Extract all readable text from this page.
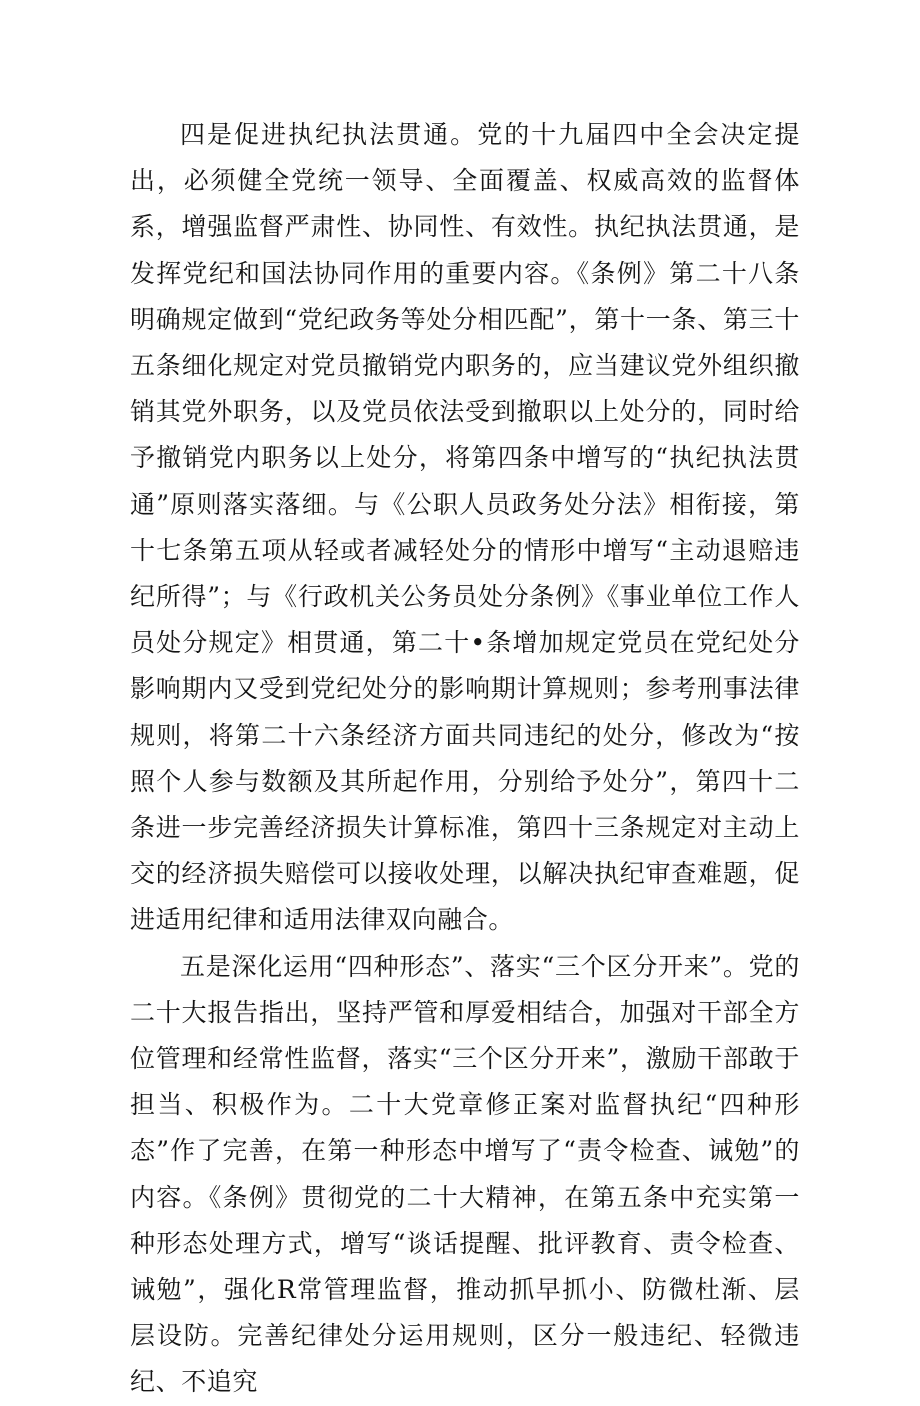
四是促进执纪执法贯通。党的十九届四中全会决定提出，必须健全党统一领导、全面覆盖、权威高效的监督体系，增强监督严肃性、协同性、有效性。执纪执法贯通，是发挥党纪和国法协同作用的重要内容。《条例》第二十八条明确规定做到“党纪政务等处分相匹配”，第十一条、第三十五条细化规定对党员撤销党内职务的，应当建议党外组织撤销其党外职务，以及党员依法受到撤职以上处分的，同时给予撤销党内职务以上处分，将第四条中增写的“执纪执法贯通”原则落实落细。与《公职人员政务处分法》相衔接，第十七条第五项从轻或者减轻处分的情形中增写“主动退赔违纪所得”；与《行政机关公务员处分条例》《事业单位工作人员处分规定》相贯通，第二十•条增加规定党员在党纪处分影响期内又受到党纪处分的影响期计算规则；参考刑事法律规则，将第二十六条经济方面共同违纪的处分，修改为“按照个人参与数额及其所起作用，分别给予处分”，第四十二条进一步完善经济损失计算标准，第四十三条规定对主动上交的经济损失赔偿可以接收处理，以解决执纪审查难题，促进适用纪律和适用法律双向融合。

五是深化运用“四种形态”、落实“三个区分开来”。党的二十大报告指出，坚持严管和厚爱相结合，加强对干部全方位管理和经常性监督，落实“三个区分开来”，激励干部敢于担当、积极作为。二十大党章修正案对监督执纪“四种形态”作了完善，在第一种形态中增写了“责令检查、诫勉”的内容。《条例》贯彻党的二十大精神，在第五条中充实第一种形态处理方式，增写“谈话提醒、批评教育、责令检查、诫勉”，强化R常管理监督，推动抓早抓小、防微杜渐、层层设防。完善纪律处分运用规则，区分一般违纪、轻微违纪、不追究
